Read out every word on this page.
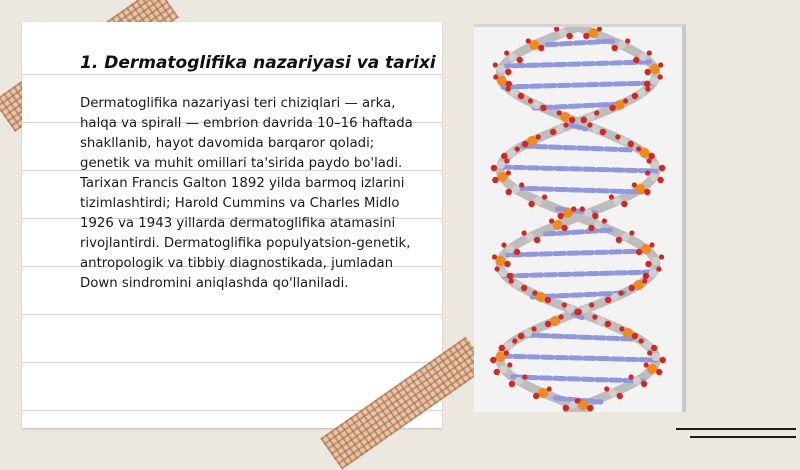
1. Dermatoglifika nazariyasi va tarixi

Dermatoglifika nazariyasi teri chiziqlari — arka, halqa va spirall — embrion davrida 10–16 haftada shakllanib, hayot davomida barqaror qoladi; genetik va muhit omillari ta'sirida paydo bo'ladi. Tarixan Francis Galton 1892 yilda barmoq izlarini tizimlashtirdi; Harold Cummins va Charles Midlo 1926 va 1943 yillarda dermatoglifika atamasini rivojlantirdi. Dermatoglifika populyatsion-genetik, antropologik va tibbiy diagnostikada, jumladan Down sindromini aniqlashda qo'llaniladi.
